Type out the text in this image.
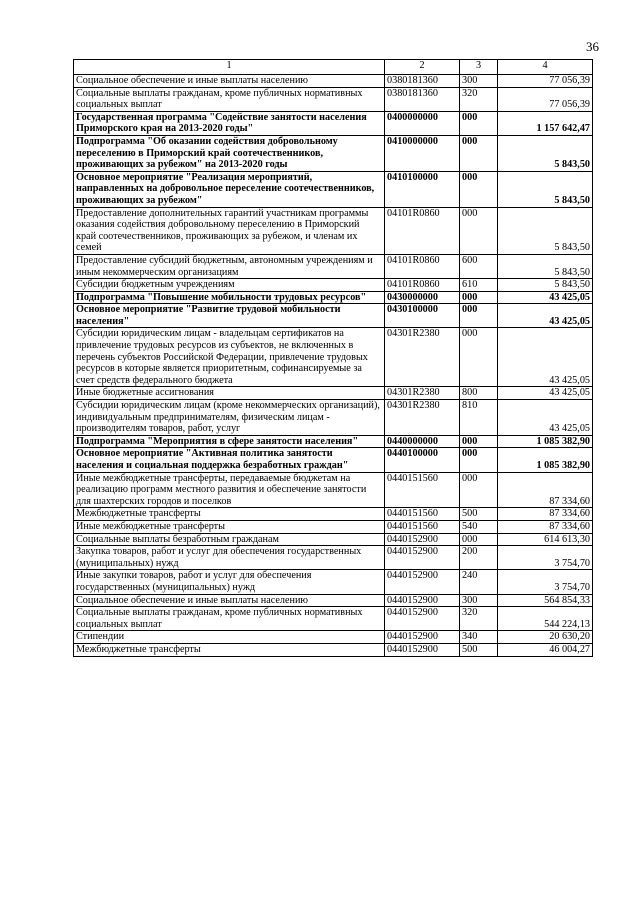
36
1	2	3	4
Социальное обеспечение и иные выплаты населению	0380181360	300	77 056,39
Социальные выплаты гражданам, кроме публичных нормативных социальных выплат	0380181360	320	77 056,39
Государственная программа "Содействие занятости населения Приморского края на 2013-2020 годы"	0400000000	000	1 157 642,47
Подпрограмма "Об оказании содействия добровольному переселению в Приморский край соотечественников, проживающих за рубежом" на 2013-2020 годы	0410000000	000	5 843,50
Основное мероприятие "Реализация мероприятий, направленных на добровольное переселение соотечественников, проживающих за рубежом"	0410100000	000	5 843,50
Предоставление дополнительных гарантий участникам программы оказания содействия добровольному переселению в Приморский край соотечественников, проживающих за рубежом, и членам их семей	04101R0860	000	5 843,50
Предоставление субсидий бюджетным, автономным учреждениям и иным некоммерческим организациям	04101R0860	600	5 843,50
Субсидии бюджетным учреждениям	04101R0860	610	5 843,50
Подпрограмма "Повышение мобильности трудовых ресурсов"	0430000000	000	43 425,05
Основное мероприятие "Развитие трудовой мобильности населения"	0430100000	000	43 425,05
Субсидии юридическим лицам - владельцам сертификатов на привлечение трудовых ресурсов из субъектов, не включенных в перечень субъектов Российской Федерации, привлечение трудовых ресурсов в которые является приоритетным, софинансируемые за счет средств федерального бюджета	04301R2380	000	43 425,05
Иные бюджетные ассигнования	04301R2380	800	43 425,05
Субсидии юридическим лицам (кроме некоммерческих организаций), индивидуальным предпринимателям, физическим лицам - производителям товаров, работ, услуг	04301R2380	810	43 425,05
Подпрограмма "Мероприятия в сфере занятости населения"	0440000000	000	1 085 382,90
Основное мероприятие "Активная политика занятости населения и социальная поддержка безработных граждан"	0440100000	000	1 085 382,90
Иные межбюджетные трансферты, передаваемые бюджетам на реализацию программ местного развития и обеспечение занятости для шахтерских городов и поселков	0440151560	000	87 334,60
Межбюджетные трансферты	0440151560	500	87 334,60
Иные межбюджетные трансферты	0440151560	540	87 334,60
Социальные выплаты безработным гражданам	0440152900	000	614 613,30
Закупка товаров, работ и услуг для обеспечения государственных (муниципальных) нужд	0440152900	200	3 754,70
Иные закупки товаров, работ и услуг для обеспечения государственных (муниципальных) нужд	0440152900	240	3 754,70
Социальное обеспечение и иные выплаты населению	0440152900	300	564 854,33
Социальные выплаты гражданам, кроме публичных нормативных социальных выплат	0440152900	320	544 224,13
Стипендии	0440152900	340	20 630,20
Межбюджетные трансферты	0440152900	500	46 004,27
